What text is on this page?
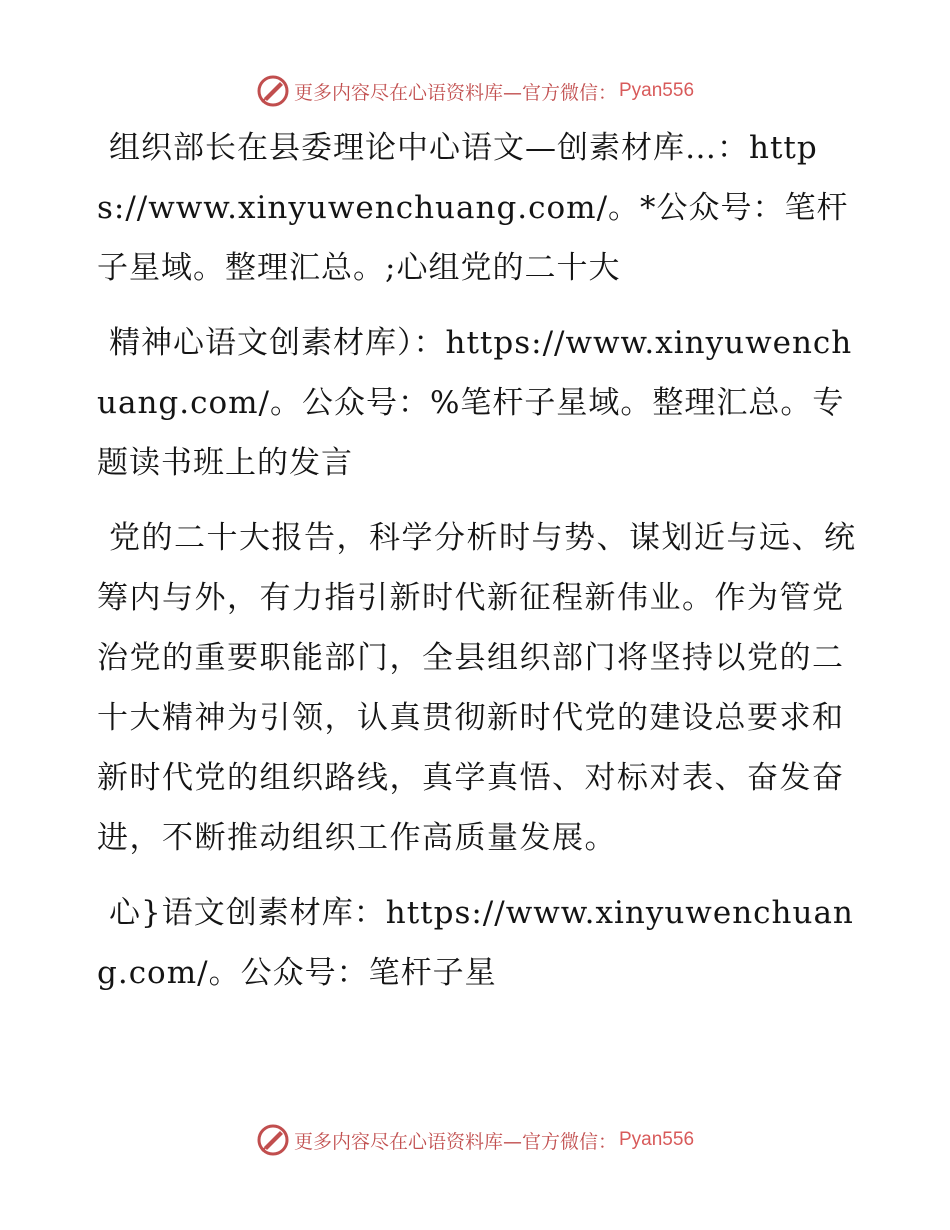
更多内容尽在心语资料库—官方微信： Pyan556

组织部长在县委理论中心语文—创素材库…：https://www.xinyuwenchuang.com/。*公众号：笔杆子星域。整理汇总。;心组党的二十大

精神心语文创素材库）：https://www.xinyuwenchuang.com/。公众号：%笔杆子星域。整理汇总。专题读书班上的发言

党的二十大报告，科学分析时与势、谋划近与远、统筹内与外，有力指引新时代新征程新伟业。作为管党治党的重要职能部门，全县组织部门将坚持以党的二十大精神为引领，认真贯彻新时代党的建设总要求和新时代党的组织路线，真学真悟、对标对表、奋发奋进，不断推动组织工作高质量发展。

心}语文创素材库：https://www.xinyuwenchuang.com/。公众号：笔杆子星

更多内容尽在心语资料库—官方微信： Pyan556
